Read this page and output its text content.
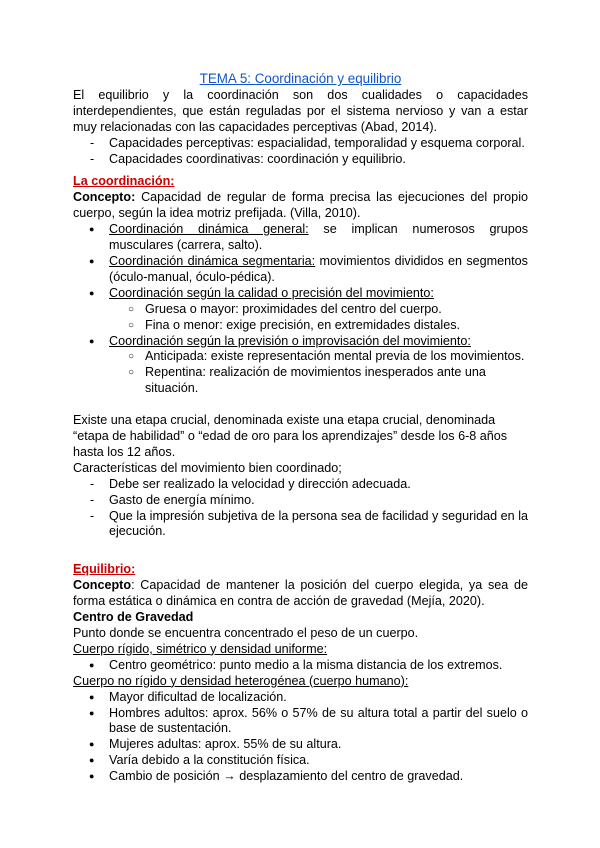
TEMA 5: Coordinación y equilibrio

El equilibrio y la coordinación son dos cualidades o capacidades interdependientes, que están reguladas por el sistema nervioso y van a estar muy relacionadas con las capacidades perceptivas (Abad, 2014).

- Capacidades perceptivas: espacialidad, temporalidad y esquema corporal.
- Capacidades coordinativas: coordinación y equilibrio.
La coordinación:

Concepto: Capacidad de regular de forma precisa las ejecuciones del propio cuerpo, según la idea motriz prefijada. (Villa, 2010).

● Coordinación dinámica general: se implican numerosos grupos musculares (carrera, salto).
● Coordinación dinámica segmentaria: movimientos divididos en segmentos (óculo-manual, óculo-pédica).
● Coordinación según la calidad o precisión del movimiento:
○ Gruesa o mayor: proximidades del centro del cuerpo.
○ Fina o menor: exige precisión, en extremidades distales.
● Coordinación según la previsión o improvisación del movimiento:
○ Anticipada: existe representación mental previa de los movimientos.
○ Repentina: realización de movimientos inesperados ante una situación.

Existe una etapa crucial, denominada existe una etapa crucial, denominada “etapa de habilidad” o “edad de oro para los aprendizajes” desde los 6-8 años hasta los 12 años.

Características del movimiento bien coordinado;

- Debe ser realizado la velocidad y dirección adecuada.
- Gasto de energía mínimo.
- Que la impresión subjetiva de la persona sea de facilidad y seguridad en la ejecución.
Equilibrio:

Concepto: Capacidad de mantener la posición del cuerpo elegida, ya sea de forma estática o dinámica en contra de acción de gravedad (Mejía, 2020).

Centro de Gravedad

Punto donde se encuentra concentrado el peso de un cuerpo.

Cuerpo rígido, simétrico y densidad uniforme:

● Centro geométrico: punto medio a la misma distancia de los extremos.

Cuerpo no rígido y densidad heterogénea (cuerpo humano):

● Mayor dificultad de localización.
● Hombres adultos: aprox. 56% o 57% de su altura total a partir del suelo o base de sustentación.
● Mujeres adultas: aprox. 55% de su altura.
● Varía debido a la constitución física.
● Cambio de posición → desplazamiento del centro de gravedad.
